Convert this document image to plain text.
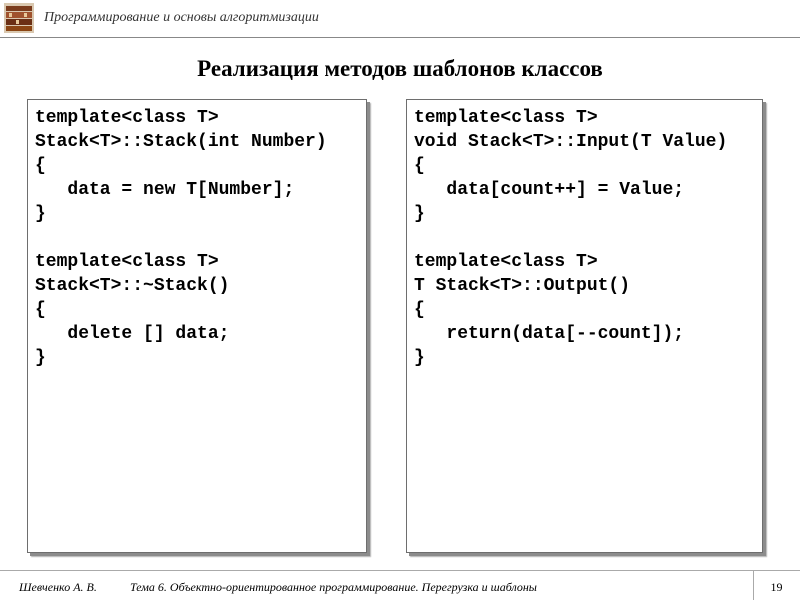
Программирование и основы алгоритмизации
Реализация методов шаблонов классов
template<class T>
Stack<T>::Stack(int Number)
{
data = new T[Number];
}

template<class T>
Stack<T>::~Stack()
{
delete [] data;
}
template<class T>
void Stack<T>::Input(T Value)
{
data[count++] = Value;
}

template<class T>
T Stack<T>::Output()
{
return(data[--count]);
}
Шевченко А. В.	Тема 6. Объектно-ориентированное программирование. Перегрузка и шаблоны	19
